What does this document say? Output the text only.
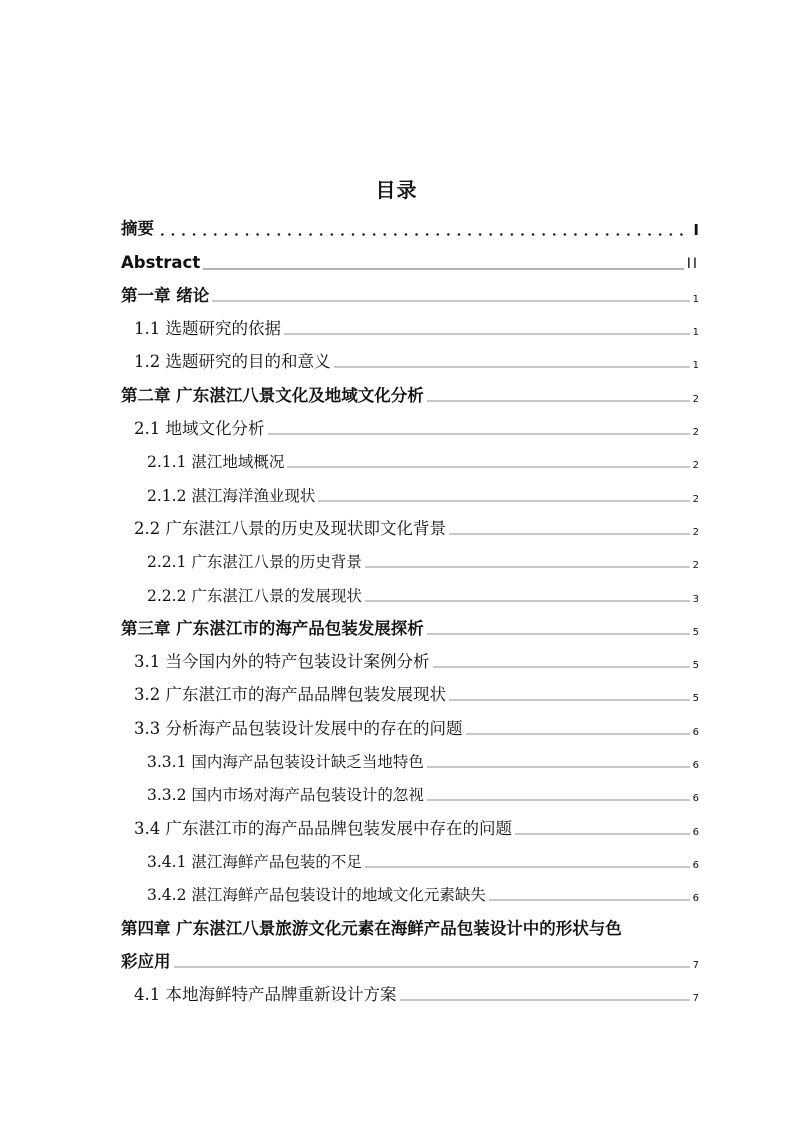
目录
摘要	I
Abstract	II
第一章 绪论	1
1.1 选题研究的依据	1
1.2 选题研究的目的和意义	1
第二章 广东湛江八景文化及地域文化分析	2
2.1 地域文化分析	2
2.1.1 湛江地域概况	2
2.1.2 湛江海洋渔业现状	2
2.2 广东湛江八景的历史及现状即文化背景	2
2.2.1 广东湛江八景的历史背景	2
2.2.2 广东湛江八景的发展现状	3
第三章 广东湛江市的海产品包装发展探析	5
3.1 当今国内外的特产包装设计案例分析	5
3.2 广东湛江市的海产品品牌包装发展现状	5
3.3 分析海产品包装设计发展中的存在的问题	6
3.3.1 国内海产品包装设计缺乏当地特色	6
3.3.2 国内市场对海产品包装设计的忽视	6
3.4 广东湛江市的海产品品牌包装发展中存在的问题	6
3.4.1 湛江海鲜产品包装的不足	6
3.4.2 湛江海鲜产品包装设计的地域文化元素缺失	6
第四章 广东湛江八景旅游文化元素在海鲜产品包装设计中的形状与色
彩应用	7
4.1 本地海鲜特产品牌重新设计方案	7
